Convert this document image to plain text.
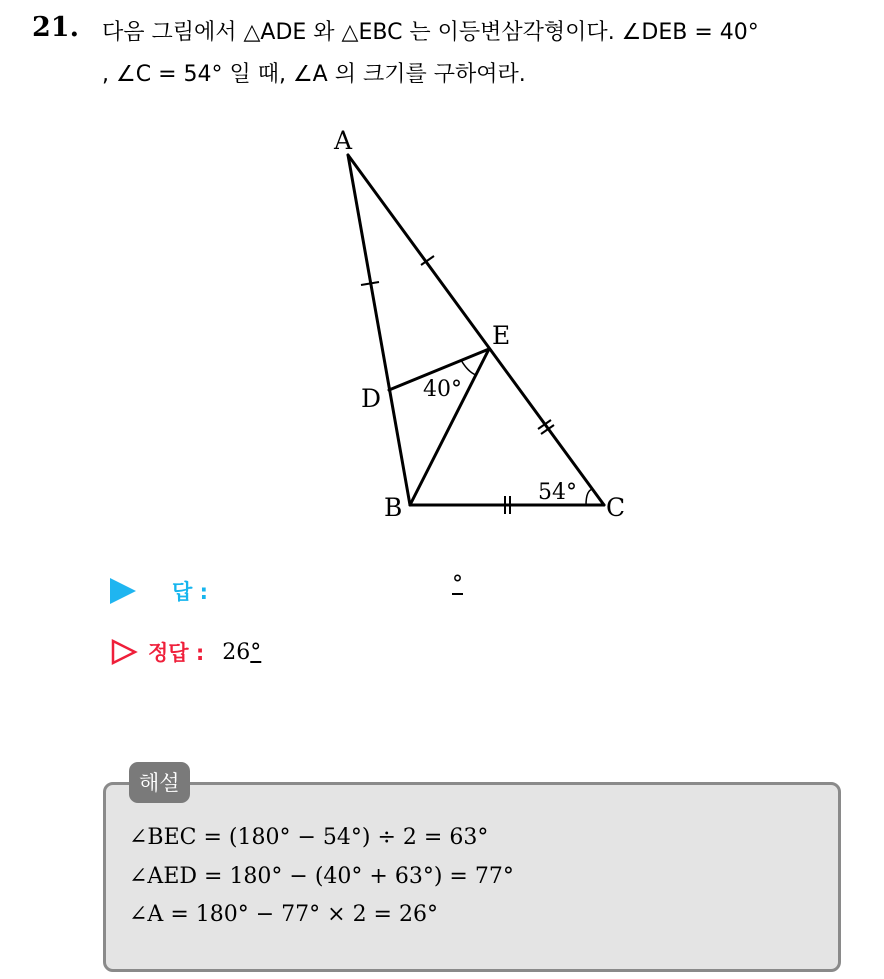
21. 다음 그림에서 △ADE 와 △EBC 는 이등변삼각형이다. ∠DEB = 40°
, ∠C = 54° 일 때, ∠A 의 크기를 구하여라.
A
D
E
B	C
40°
54°
답 :	°
정답 : 26°
해설
∠BEC = (180° − 54°) ÷ 2 = 63°
∠AED = 180° − (40° + 63°) = 77°
∠A = 180° − 77° × 2 = 26°
